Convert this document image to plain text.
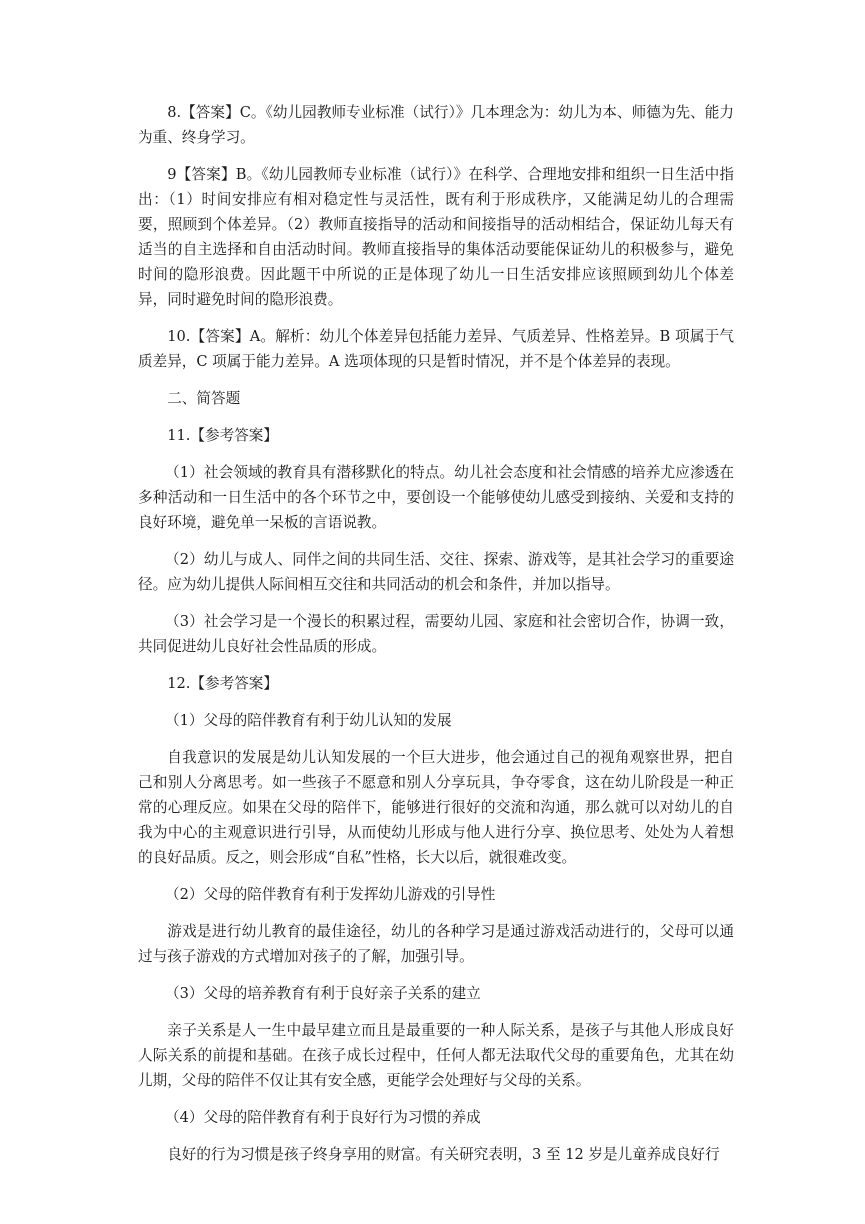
8.【答案】C。《幼儿园教师专业标准（试行）》几本理念为：幼儿为本、师德为先、能力为重、终身学习。

9【答案】B。《幼儿园教师专业标准（试行）》在科学、合理地安排和组织一日生活中指出：（1）时间安排应有相对稳定性与灵活性，既有利于形成秩序，又能满足幼儿的合理需要，照顾到个体差异。（2）教师直接指导的活动和间接指导的活动相结合，保证幼儿每天有适当的自主选择和自由活动时间。教师直接指导的集体活动要能保证幼儿的积极参与，避免时间的隐形浪费。因此题干中所说的正是体现了幼儿一日生活安排应该照顾到幼儿个体差异，同时避免时间的隐形浪费。

10.【答案】A。解析：幼儿个体差异包括能力差异、气质差异、性格差异。B 项属于气质差异，C 项属于能力差异。A 选项体现的只是暂时情况，并不是个体差异的表现。

二、简答题

11.【参考答案】

（1）社会领域的教育具有潜移默化的特点。幼儿社会态度和社会情感的培养尤应渗透在多种活动和一日生活中的各个环节之中，要创设一个能够使幼儿感受到接纳、关爱和支持的良好环境，避免单一呆板的言语说教。

（2）幼儿与成人、同伴之间的共同生活、交往、探索、游戏等，是其社会学习的重要途径。应为幼儿提供人际间相互交往和共同活动的机会和条件，并加以指导。

（3）社会学习是一个漫长的积累过程，需要幼儿园、家庭和社会密切合作，协调一致，共同促进幼儿良好社会性品质的形成。

12.【参考答案】

（1）父母的陪伴教育有利于幼儿认知的发展

自我意识的发展是幼儿认知发展的一个巨大进步，他会通过自己的视角观察世界，把自己和别人分离思考。如一些孩子不愿意和别人分享玩具，争夺零食，这在幼儿阶段是一种正常的心理反应。如果在父母的陪伴下，能够进行很好的交流和沟通，那么就可以对幼儿的自我为中心的主观意识进行引导，从而使幼儿形成与他人进行分享、换位思考、处处为人着想的良好品质。反之，则会形成“自私”性格，长大以后，就很难改变。

（2）父母的陪伴教育有利于发挥幼儿游戏的引导性

游戏是进行幼儿教育的最佳途径，幼儿的各种学习是通过游戏活动进行的，父母可以通过与孩子游戏的方式增加对孩子的了解，加强引导。

（3）父母的培养教育有利于良好亲子关系的建立

亲子关系是人一生中最早建立而且是最重要的一种人际关系，是孩子与其他人形成良好人际关系的前提和基础。在孩子成长过程中，任何人都无法取代父母的重要角色，尤其在幼儿期，父母的陪伴不仅让其有安全感，更能学会处理好与父母的关系。

（4）父母的陪伴教育有利于良好行为习惯的养成

良好的行为习惯是孩子终身享用的财富。有关研究表明，3 至 12 岁是儿童养成良好行
